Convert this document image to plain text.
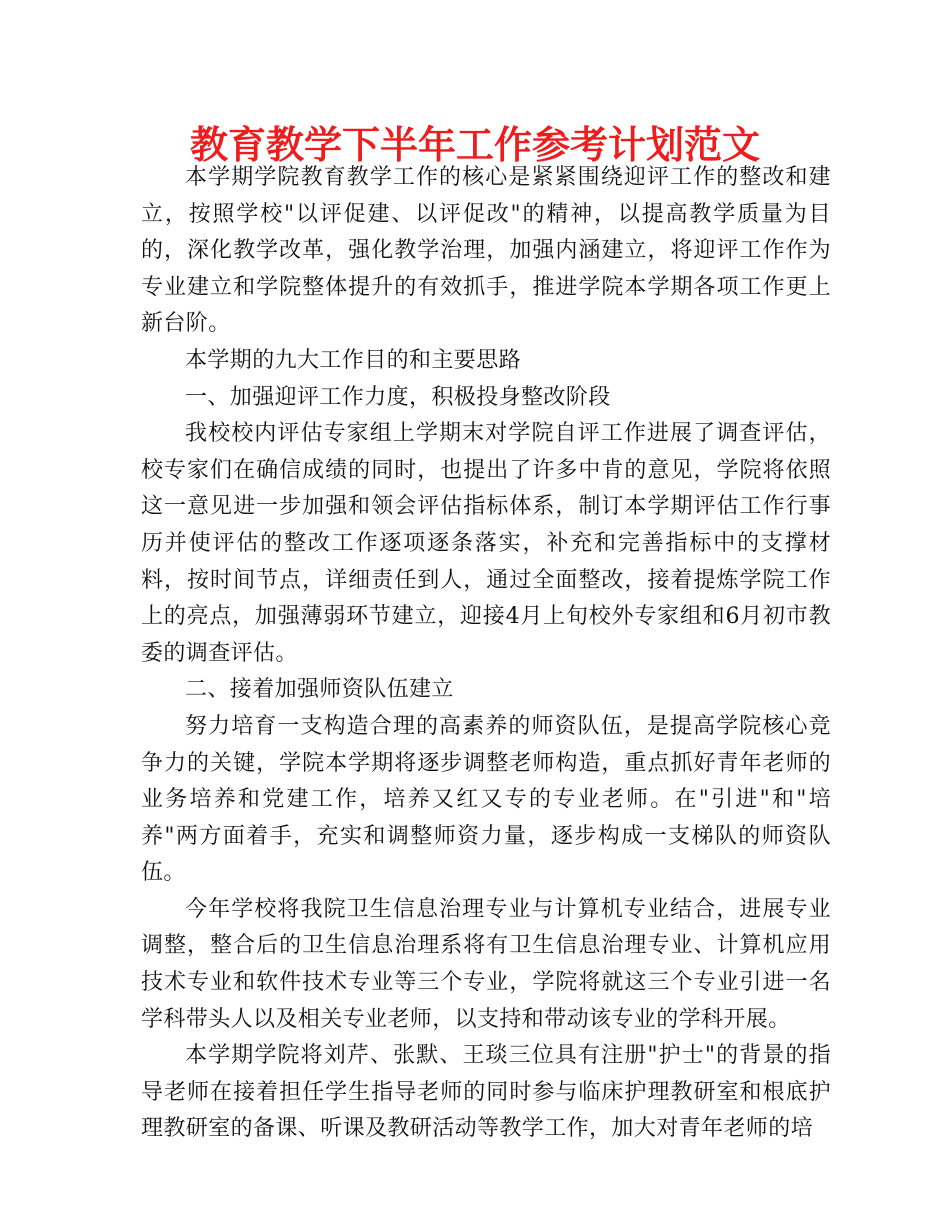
教育教学下半年工作参考计划范文

本学期学院教育教学工作的核心是紧紧围绕迎评工作的整改和建立，按照学校"以评促建、以评促改"的精神，以提高教学质量为目的，深化教学改革，强化教学治理，加强内涵建立，将迎评工作作为专业建立和学院整体提升的有效抓手，推进学院本学期各项工作更上新台阶。

本学期的九大工作目的和主要思路

一、加强迎评工作力度，积极投身整改阶段

我校校内评估专家组上学期末对学院自评工作进展了调查评估，校专家们在确信成绩的同时，也提出了许多中肯的意见，学院将依照这一意见进一步加强和领会评估指标体系，制订本学期评估工作行事历并使评估的整改工作逐项逐条落实，补充和完善指标中的支撑材料，按时间节点，详细责任到人，通过全面整改，接着提炼学院工作上的亮点，加强薄弱环节建立，迎接4月上旬校外专家组和6月初市教委的调查评估。

二、接着加强师资队伍建立

努力培育一支构造合理的高素养的师资队伍，是提高学院核心竞争力的关键，学院本学期将逐步调整老师构造，重点抓好青年老师的业务培养和党建工作，培养又红又专的专业老师。在"引进"和"培养"两方面着手，充实和调整师资力量，逐步构成一支梯队的师资队伍。

今年学校将我院卫生信息治理专业与计算机专业结合，进展专业调整，整合后的卫生信息治理系将有卫生信息治理专业、计算机应用技术专业和软件技术专业等三个专业，学院将就这三个专业引进一名学科带头人以及相关专业老师，以支持和带动该专业的学科开展。

本学期学院将刘芹、张默、王琰三位具有注册"护士"的背景的指导老师在接着担任学生指导老师的同时参与临床护理教研室和根底护理教研室的备课、听课及教研活动等教学工作，加大对青年老师的培
